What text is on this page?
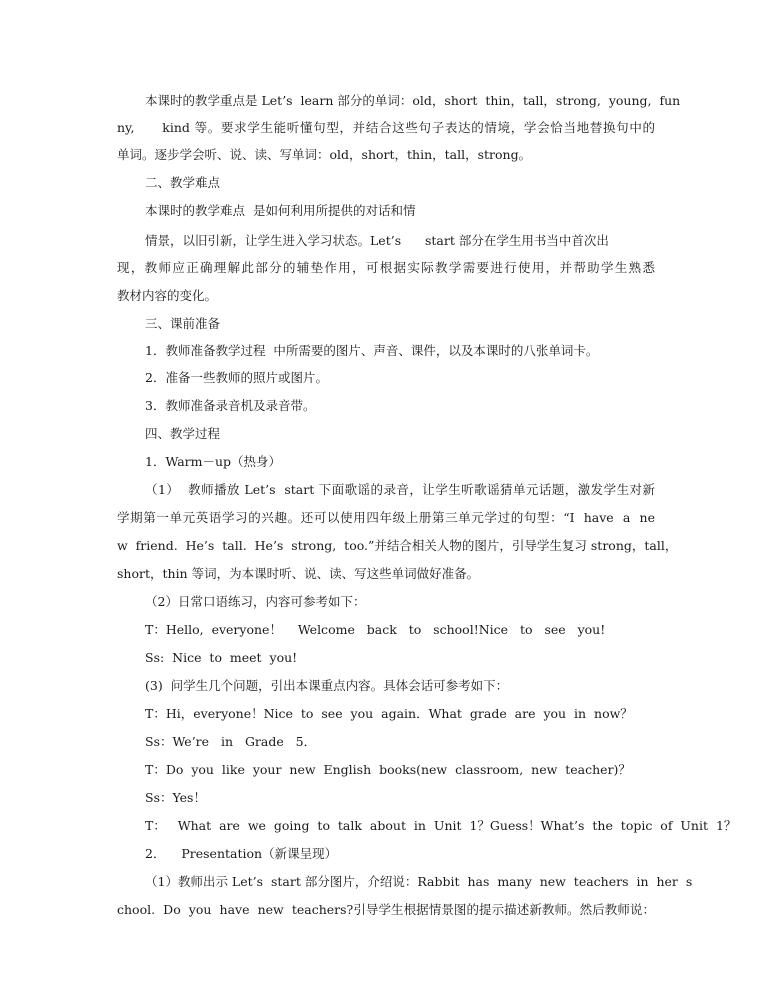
本课时的教学重点是 Let’s  learn 部分的单词：old，short  thin，tall，strong,  young,  fun
ny,      kind 等。要求学生能听懂句型，并结合这些句子表达的情境，学会恰当地替换句中的
单词。逐步学会听、说、读、写单词：old，short，thin，tall，strong。
二、教学难点
本课时的教学难点  是如何利用所提供的对话和情
情景，以旧引新，让学生进入学习状态。Let’s      start 部分在学生用书当中首次出
现，教师应正确理解此部分的辅垫作用，可根据实际教学需要进行使用，并帮助学生熟悉
教材内容的变化。
三、课前准备
1．教师准备教学过程  中所需要的图片、声音、课件，以及本课时的八张单词卡。
2．准备一些教师的照片或图片。
3．教师准备录音机及录音带。
四、教学过程
1．Warm－up（热身）
（1）  教师播放 Let’s  start 下面歌谣的录音，让学生听歌谣猜单元话题，激发学生对新
学期第一单元英语学习的兴趣。还可以使用四年级上册第三单元学过的句型：“I  have  a  ne
w  friend.  He’s  tall.  He’s  strong,  too.”并结合相关人物的图片，引导学生复习 strong，tall，
short，thin 等词，为本课时听、说、读、写这些单词做好准备。
（2）日常口语练习，内容可参考如下：
T：Hello,  everyone！    Welcome   back   to   school!Nice   to   see   you!
Ss:  Nice  to  meet  you!
(3)  问学生几个问题，引出本课重点内容。具体会话可参考如下：
T：Hi，everyone！Nice  to  see  you  again．What  grade  are  you  in  now？
Ss：We’re   in   Grade   5．
T：Do  you  like  your  new  English  books(new  classroom,  new  teacher)？
Ss：Yes！
T：   What  are  we  going  to  talk  about  in  Unit  1？Guess！What’s  the  topic  of  Unit  1？
2．    Presentation（新课呈现）
（1）教师出示 Let’s  start 部分图片，介绍说：Rabbit  has  many  new  teachers  in  her  s
chool.  Do  you  have  new  teachers?引导学生根据情景图的提示描述新教师。然后教师说：
